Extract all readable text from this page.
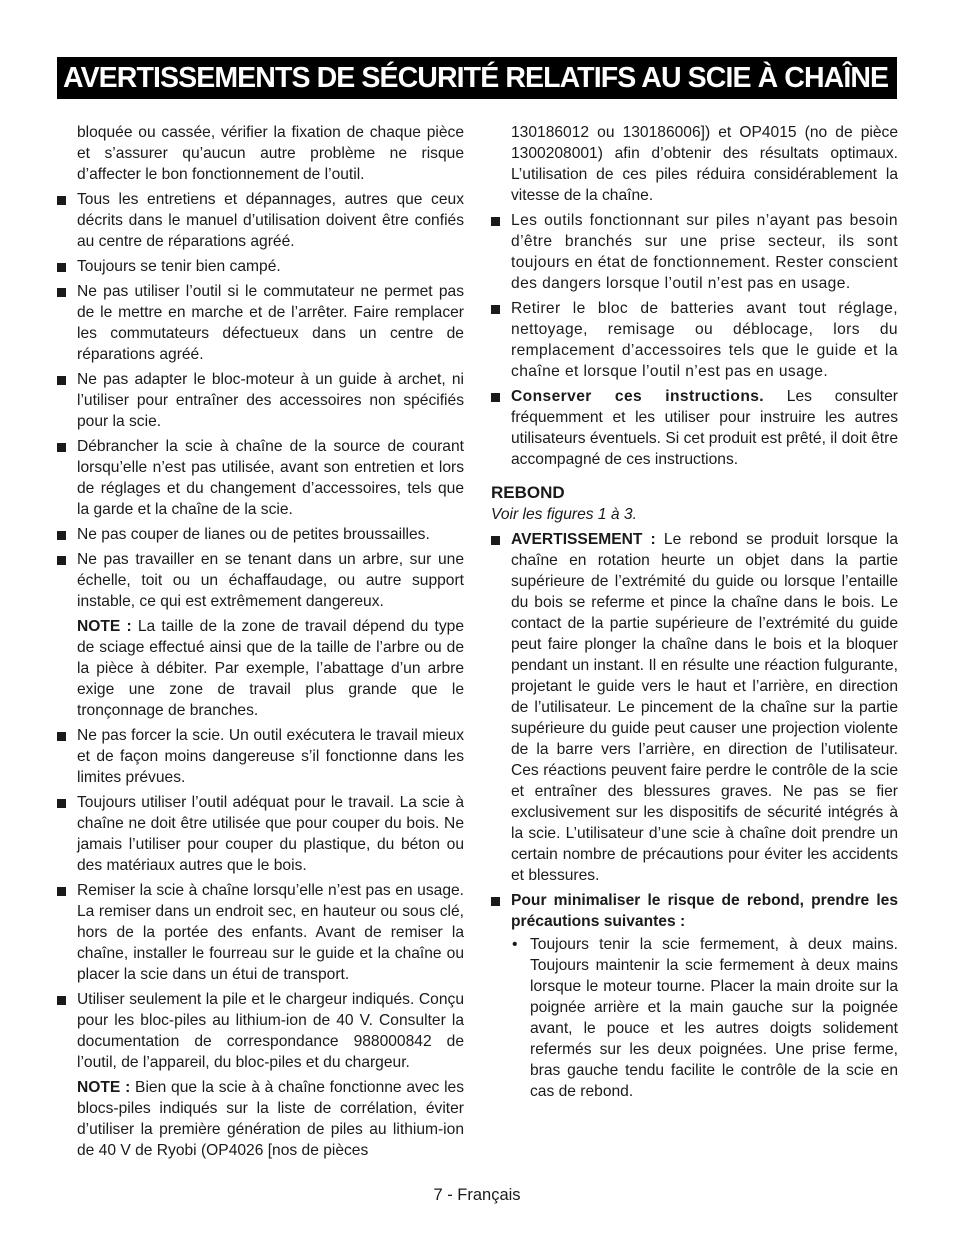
AVERTISSEMENTS DE SÉCURITÉ RELATIFS AU SCIE À CHAÎNE

bloquée ou cassée, vérifier la fixation de chaque pièce et s’assurer qu’aucun autre problème ne risque d’affecter le bon fonctionnement de l’outil.

Tous les entretiens et dépannages, autres que ceux décrits dans le manuel d’utilisation doivent être confiés au centre de réparations agréé.

Toujours se tenir bien campé.

Ne pas utiliser l’outil si le commutateur ne permet pas de le mettre en marche et de l’arrêter. Faire remplacer les commutateurs défectueux dans un centre de réparations agréé.

Ne pas adapter le bloc-moteur à un guide à archet, ni l’utiliser pour entraîner des accessoires non spécifiés pour la scie.

Débrancher la scie à chaîne de la source de courant lorsqu’elle n’est pas utilisée, avant son entretien et lors de réglages et du changement d’accessoires, tels que la garde et la chaîne de la scie.

Ne pas couper de lianes ou de petites broussailles.

Ne pas travailler en se tenant dans un arbre, sur une échelle, toit ou un échaffaudage, ou autre support instable, ce qui est extrêmement dangereux.

NOTE : La taille de la zone de travail dépend du type de sciage effectué ainsi que de la taille de l’arbre ou de la pièce à débiter. Par exemple, l’abattage d’un arbre exige une zone de travail plus grande que le tronçonnage de branches.

Ne pas forcer la scie. Un outil exécutera le travail mieux et de façon moins dangereuse s’il fonctionne dans les limites prévues.

Toujours utiliser l’outil adéquat pour le travail. La scie à chaîne ne doit être utilisée que pour couper du bois. Ne jamais l’utiliser pour couper du plastique, du béton ou des matériaux autres que le bois.

Remiser la scie à chaîne lorsqu’elle n’est pas en usage. La remiser dans un endroit sec, en hauteur ou sous clé, hors de la portée des enfants. Avant de remiser la chaîne, installer le fourreau sur le guide et la chaîne ou placer la scie dans un étui de transport.

Utiliser seulement la pile et le chargeur indiqués. Conçu pour les bloc-piles au lithium-ion de 40 V. Consulter la documentation de correspondance 988000842 de l’outil, de l’appareil, du bloc-piles et du chargeur.

NOTE : Bien que la scie à à chaîne fonctionne avec les blocs-piles indiqués sur la liste de corrélation, éviter d’utiliser la première génération de piles au lithium-ion de 40 V de Ryobi (OP4026 [nos de pièces

130186012 ou 130186006]) et OP4015 (no de pièce 1300208001) afin d’obtenir des résultats optimaux. L’utilisation de ces piles réduira considérablement la vitesse de la chaîne.

Les outils fonctionnant sur piles n’ayant pas besoin d’être branchés sur une prise secteur, ils sont toujours en état de fonctionnement. Rester conscient des dangers lorsque l’outil n’est pas en usage.

Retirer le bloc de batteries avant tout réglage, nettoyage, remisage ou déblocage, lors du remplacement d’accessoires tels que le guide et la chaîne et lorsque l’outil n’est pas en usage.

Conserver ces instructions. Les consulter fréquemment et les utiliser pour instruire les autres utilisateurs éventuels. Si cet produit est prêté, il doit être accompagné de ces instructions.

REBOND
Voir les figures 1 à 3.

AVERTISSEMENT : Le rebond se produit lorsque la chaîne en rotation heurte un objet dans la partie supérieure de l’extrémité du guide ou lorsque l’entaille du bois se referme et pince la chaîne dans le bois. Le contact de la partie supérieure de l’extrémité du guide peut faire plonger la chaîne dans le bois et la bloquer pendant un instant. Il en résulte une réaction fulgurante, projetant le guide vers le haut et l’arrière, en direction de l’utilisateur. Le pincement de la chaîne sur la partie supérieure du guide peut causer une projection violente de la barre vers l’arrière, en direction de l’utilisateur. Ces réactions peuvent faire perdre le contrôle de la scie et entraîner des blessures graves. Ne pas se fier exclusivement sur les dispositifs de sécurité intégrés à la scie. L’utilisateur d’une scie à chaîne doit prendre un certain nombre de précautions pour éviter les accidents et blessures.

Pour minimaliser le risque de rebond, prendre les précautions suivantes :

• Toujours tenir la scie fermement, à deux mains. Toujours maintenir la scie fermement à deux mains lorsque le moteur tourne. Placer la main droite sur la poignée arrière et la main gauche sur la poignée avant, le pouce et les autres doigts solidement refermés sur les deux poignées. Une prise ferme, bras gauche tendu facilite le contrôle de la scie en cas de rebond.

7 - Français
